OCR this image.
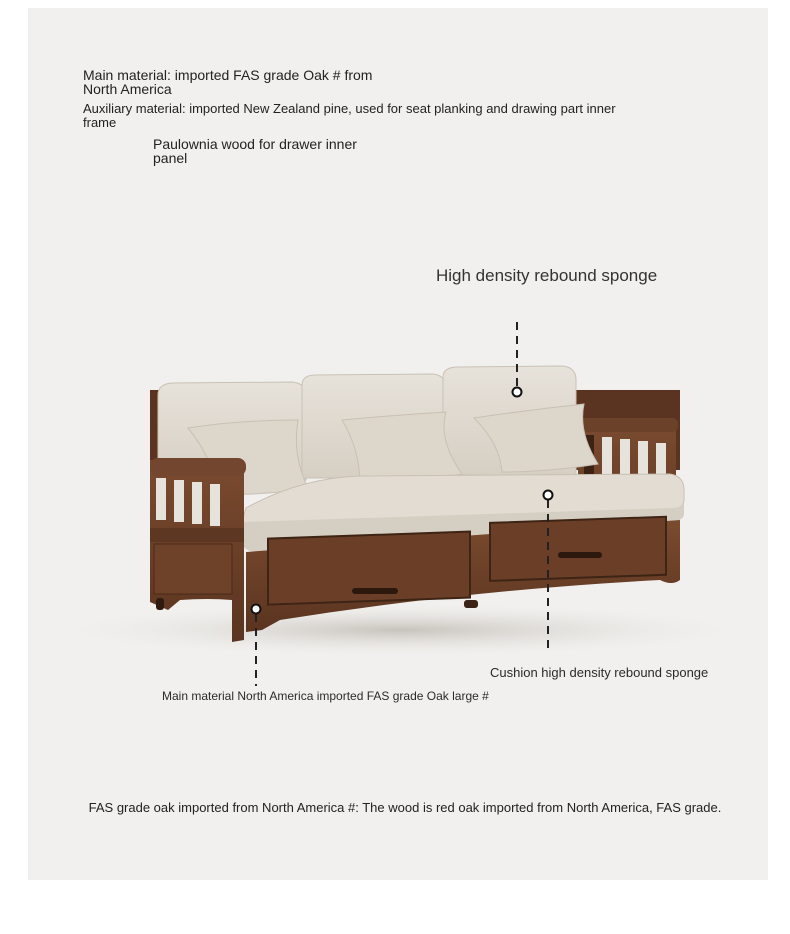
Main material: imported FAS grade Oak # from North America

Auxiliary material: imported New Zealand pine, used for seat planking and drawing part inner frame

Paulownia wood for drawer inner panel

High density rebound sponge

Cushion high density rebound sponge

Main material North America imported FAS grade Oak large #

FAS grade oak imported from North America #: The wood is red oak imported from North America, FAS grade.
